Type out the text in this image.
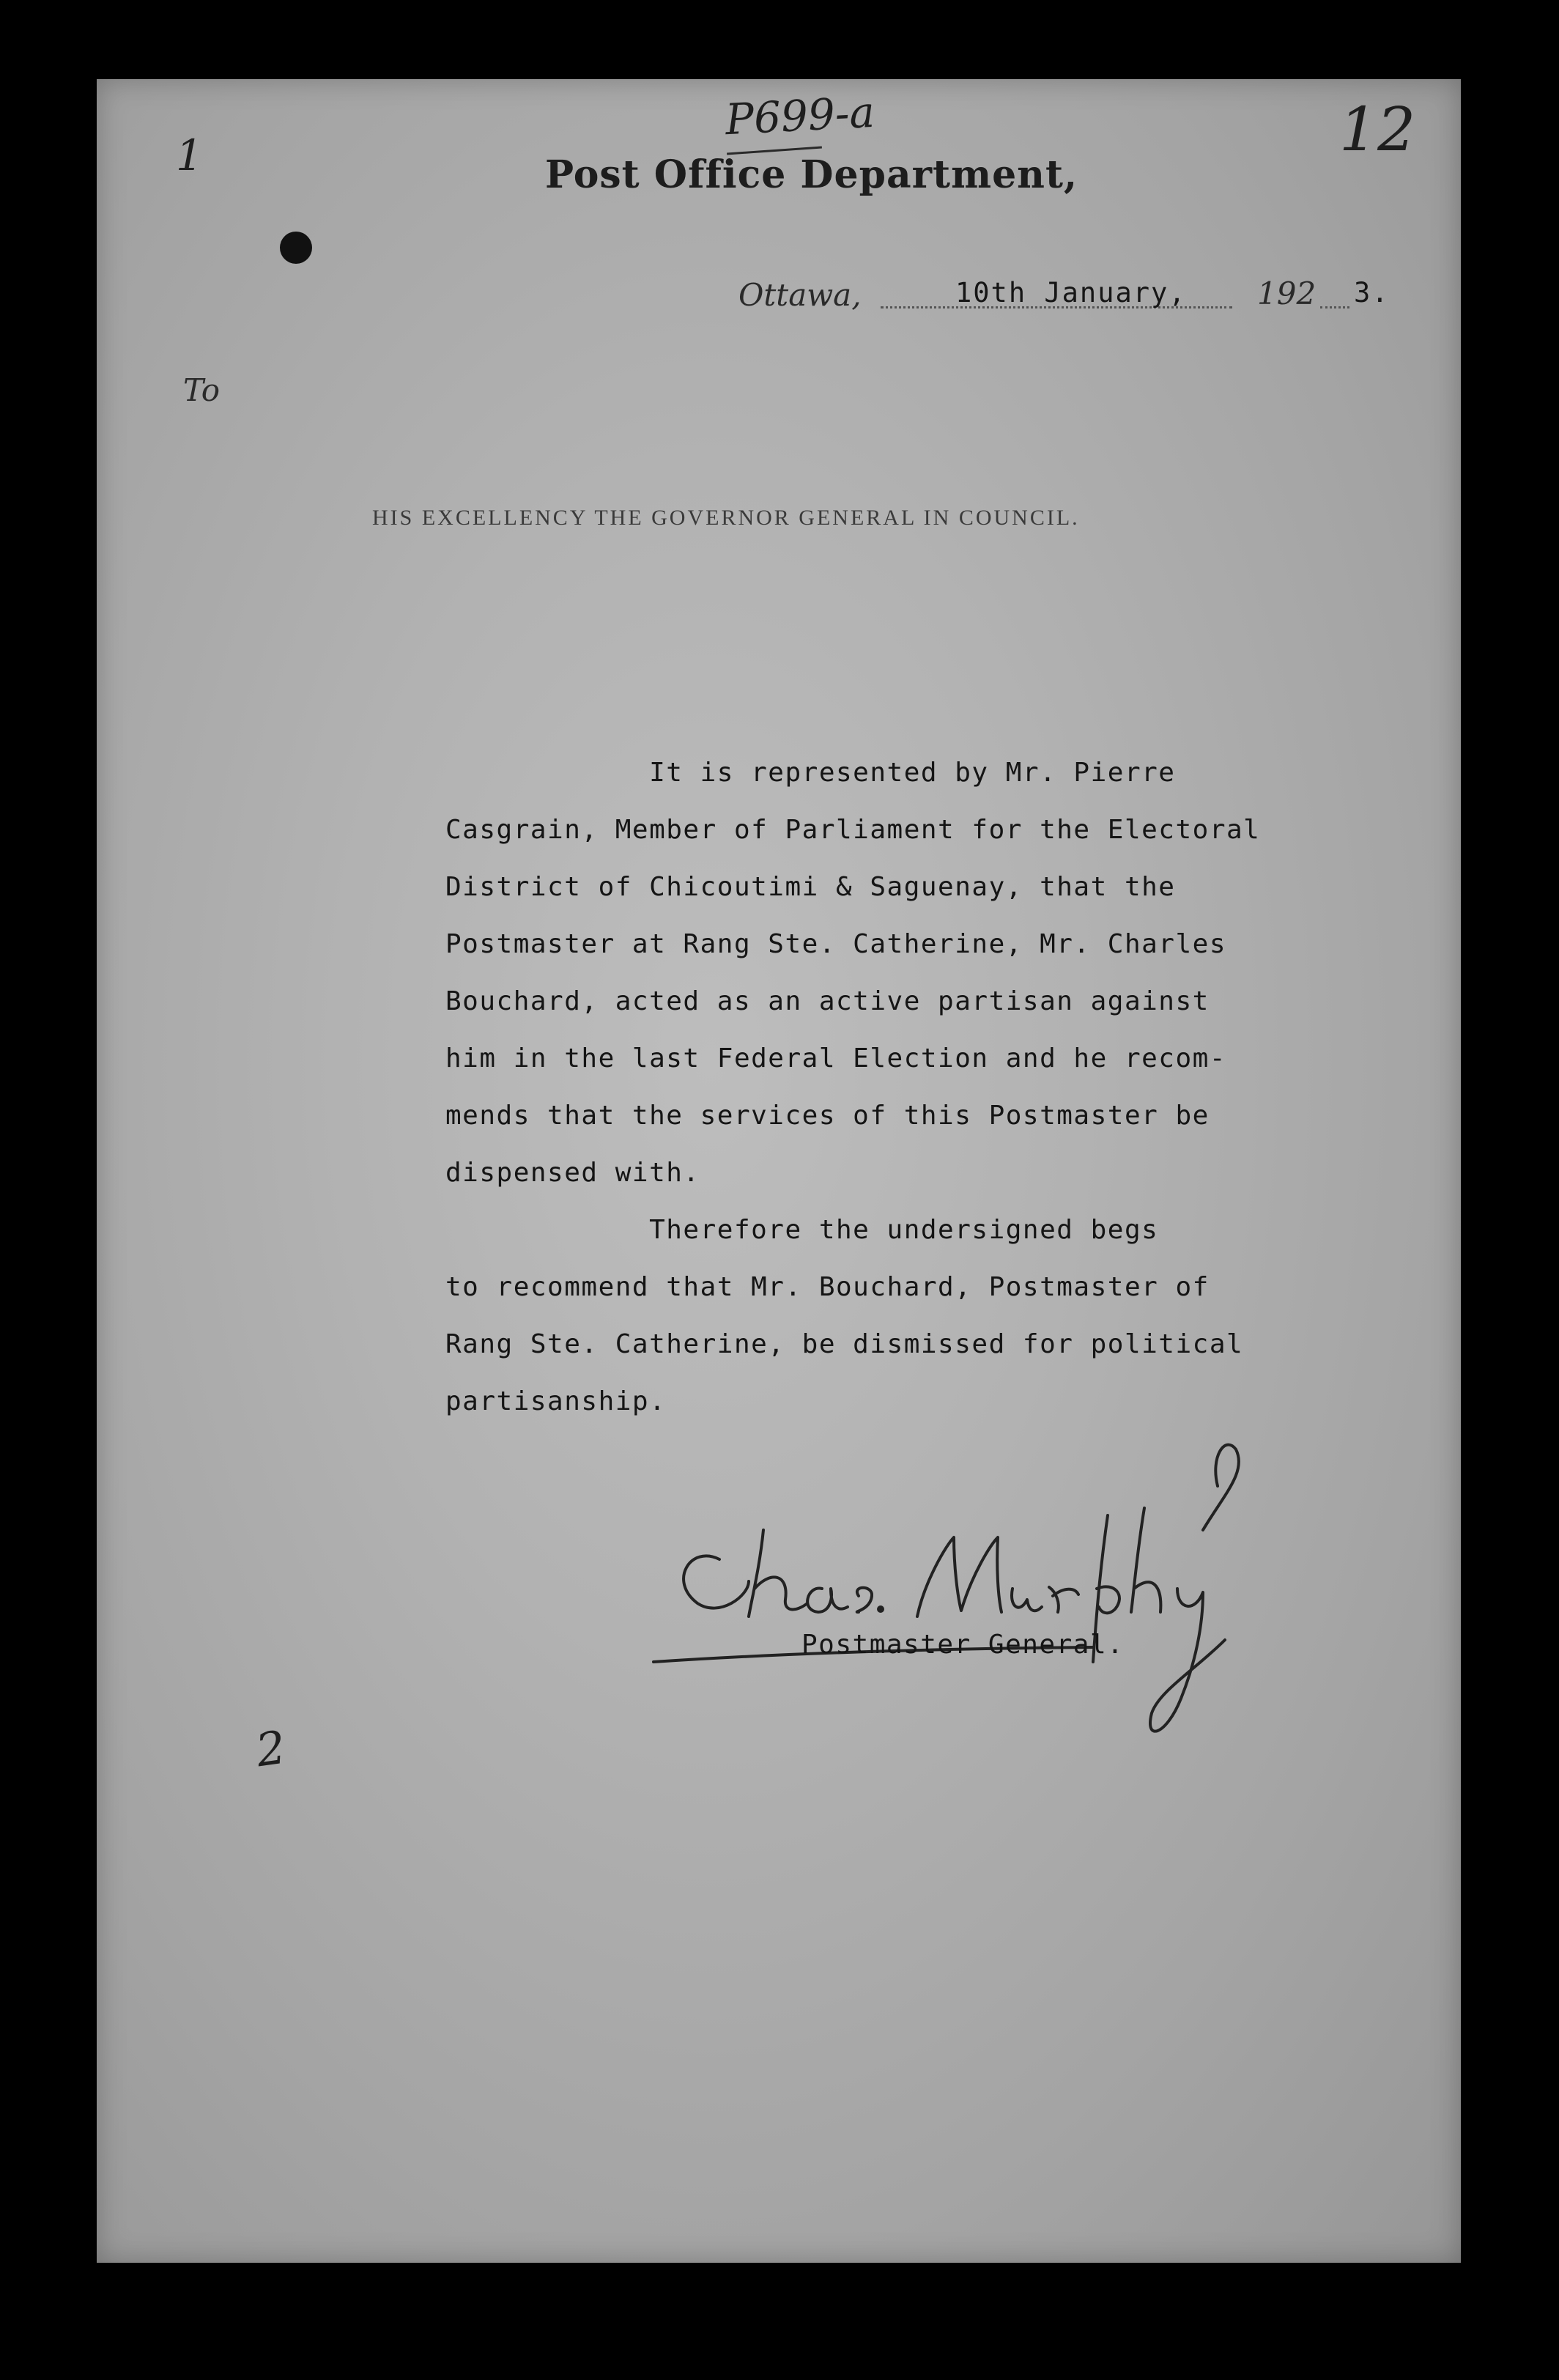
1
P699-a	12
Post Office Department,
Ottawa,	10th January, 192 3.
To
HIS EXCELLENCY THE GOVERNOR GENERAL IN COUNCIL.
It is represented by Mr. Pierre
Casgrain, Member of Parliament for the Electoral
District of Chicoutimi & Saguenay, that the
Postmaster at Rang Ste. Catherine, Mr. Charles
Bouchard, acted as an active partisan against
him in the last Federal Election and he recom-
mends that the services of this Postmaster be
dispensed with.
Therefore the undersigned begs
to recommend that Mr. Bouchard, Postmaster of
Rang Ste. Catherine, be dismissed for political
partisanship.
Postmaster General.
2
